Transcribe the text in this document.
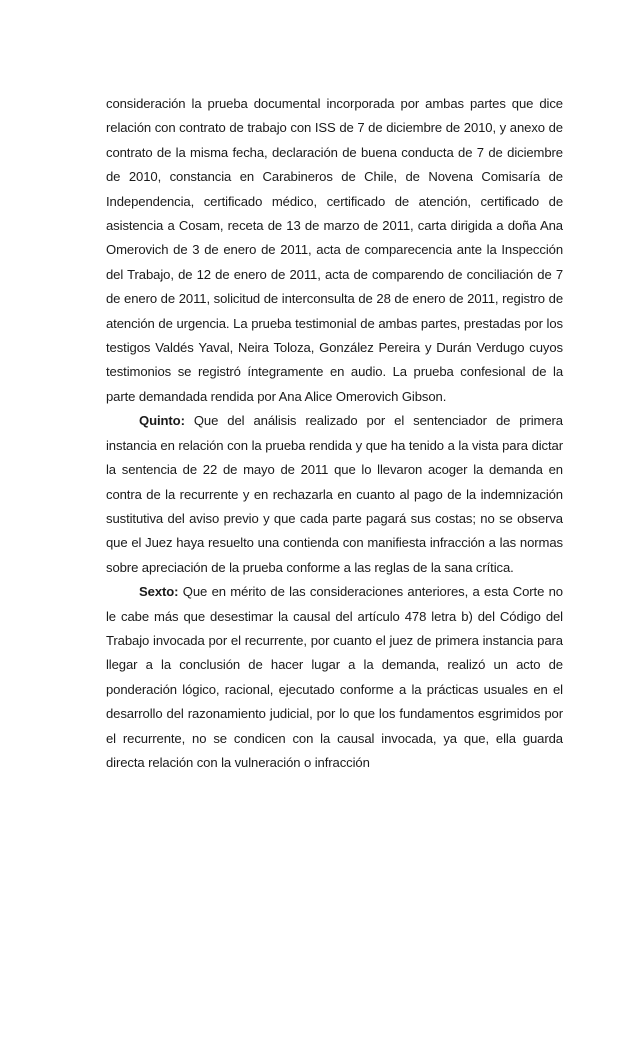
consideración la prueba documental incorporada por ambas partes que dice relación con contrato de trabajo con ISS de 7 de diciembre de 2010, y anexo de contrato de la misma fecha, declaración de buena conducta de 7 de diciembre de 2010, constancia en Carabineros de Chile, de Novena Comisaría de Independencia, certificado médico, certificado de atención, certificado de asistencia a Cosam, receta de 13 de marzo de 2011, carta dirigida a doña Ana Omerovich de 3 de enero de 2011, acta de comparecencia ante la Inspección del Trabajo, de 12 de enero de 2011, acta de comparendo de conciliación de 7 de enero de 2011, solicitud de interconsulta de 28 de enero de 2011, registro de atención de urgencia. La prueba testimonial de ambas partes, prestadas por los testigos Valdés Yaval, Neira Toloza, González Pereira y Durán Verdugo cuyos testimonios se registró íntegramente en audio. La prueba confesional de la parte demandada rendida por Ana Alice Omerovich Gibson.

Quinto: Que del análisis realizado por el sentenciador de primera instancia en relación con la prueba rendida y que ha tenido a la vista para dictar la sentencia de 22 de mayo de 2011 que lo llevaron acoger la demanda en contra de la recurrente y en rechazarla en cuanto al pago de la indemnización sustitutiva del aviso previo y que cada parte pagará sus costas; no se observa que el Juez haya resuelto una contienda con manifiesta infracción a las normas sobre apreciación de la prueba conforme a las reglas de la sana crítica.

Sexto: Que en mérito de las consideraciones anteriores, a esta Corte no le cabe más que desestimar la causal del artículo 478 letra b) del Código del Trabajo invocada por el recurrente, por cuanto el juez de primera instancia para llegar a la conclusión de hacer lugar a la demanda, realizó un acto de ponderación lógico, racional, ejecutado conforme a la prácticas usuales en el desarrollo del razonamiento judicial, por lo que los fundamentos esgrimidos por el recurrente, no se condicen con la causal invocada, ya que, ella guarda directa relación con la vulneración o infracción
